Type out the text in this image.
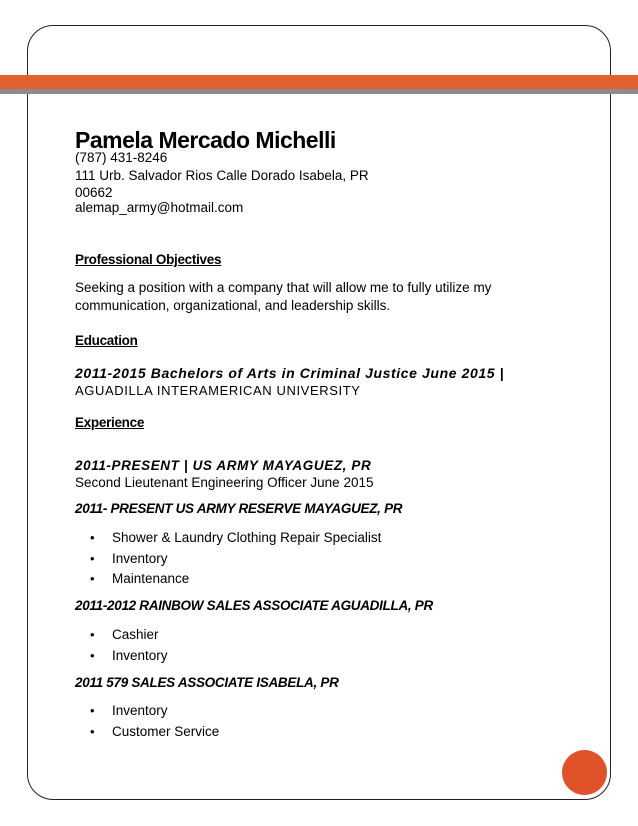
Pamela Mercado Michelli
(787) 431-8246
111 Urb. Salvador Rios Calle Dorado Isabela, PR
00662
alemap_army@hotmail.com
Professional Objectives
Seeking a position with a company that will allow me to fully utilize my
communication, organizational, and leadership skills.
Education
2011-2015 Bachelors of Arts in Criminal Justice June 2015 |
AGUADILLA INTERAMERICAN UNIVERSITY
Experience
2011-PRESENT | US ARMY MAYAGUEZ, PR
Second Lieutenant Engineering Officer June 2015
2011- PRESENT US ARMY RESERVE MAYAGUEZ, PR
• Shower & Laundry Clothing Repair Specialist
• Inventory
• Maintenance
2011-2012 RAINBOW SALES ASSOCIATE AGUADILLA, PR
• Cashier
• Inventory
2011 579 SALES ASSOCIATE ISABELA, PR
• Inventory
• Customer Service
